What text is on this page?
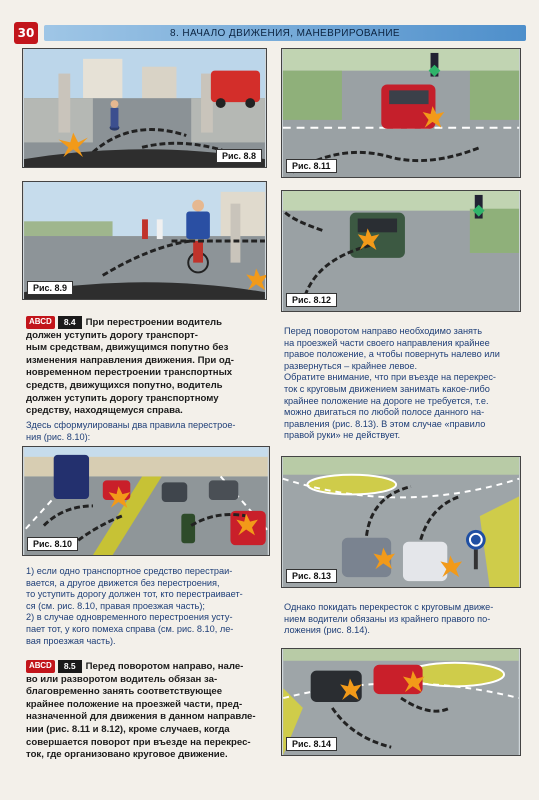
30	8. НАЧАЛО ДВИЖЕНИЯ, МАНЕВРИРОВАНИЕ
Рис. 8.8
Рис. 8.9
Рис. 8.11
Рис. 8.12
АВСD 8.4 При перестроении водитель
должен уступить дорогу транспорт-
ным средствам, движущимся попутно без
изменения направления движения. При од-
новременном перестроении транспортных
средств, движущихся попутно, водитель
должен уступить дорогу транспортному
средству, находящемуся справа.
Здесь сформулированы два правила перестрое-
ния (рис. 8.10):
Рис. 8.10
1) если одно транспортное средство перестраи-
вается, а другое движется без перестроения,
то уступить дорогу должен тот, кто перестраивает-
ся (см. рис. 8.10, правая проезжая часть);
2) в случае одновременного перестроения усту-
пает тот, у кого помеха справа (см. рис. 8.10, ле-
вая проезжая часть).
АВСD 8.5 Перед поворотом направо, нале-
во или разворотом водитель обязан за-
благовременно занять соответствующее
крайнее положение на проезжей части, пред-
назначенной для движения в данном направле-
нии (рис. 8.11 и 8.12), кроме случаев, когда
совершается поворот при въезде на перекрес-
ток, где организовано круговое движение.
Перед поворотом направо необходимо занять
на проезжей части своего направления крайнее
правое положение, а чтобы повернуть налево или
развернуться – крайнее левое.
Обратите внимание, что при въезде на перекрес-
ток с круговым движением занимать какое-либо
крайнее положение на дороге не требуется, т.е.
можно двигаться по любой полосе данного на-
правления (рис. 8.13). В этом случае «правило
правой руки» не действует.
Рис. 8.13
Однако покидать перекресток с круговым движе-
нием водители обязаны из крайнего правого по-
ложения (рис. 8.14).
Рис. 8.14
